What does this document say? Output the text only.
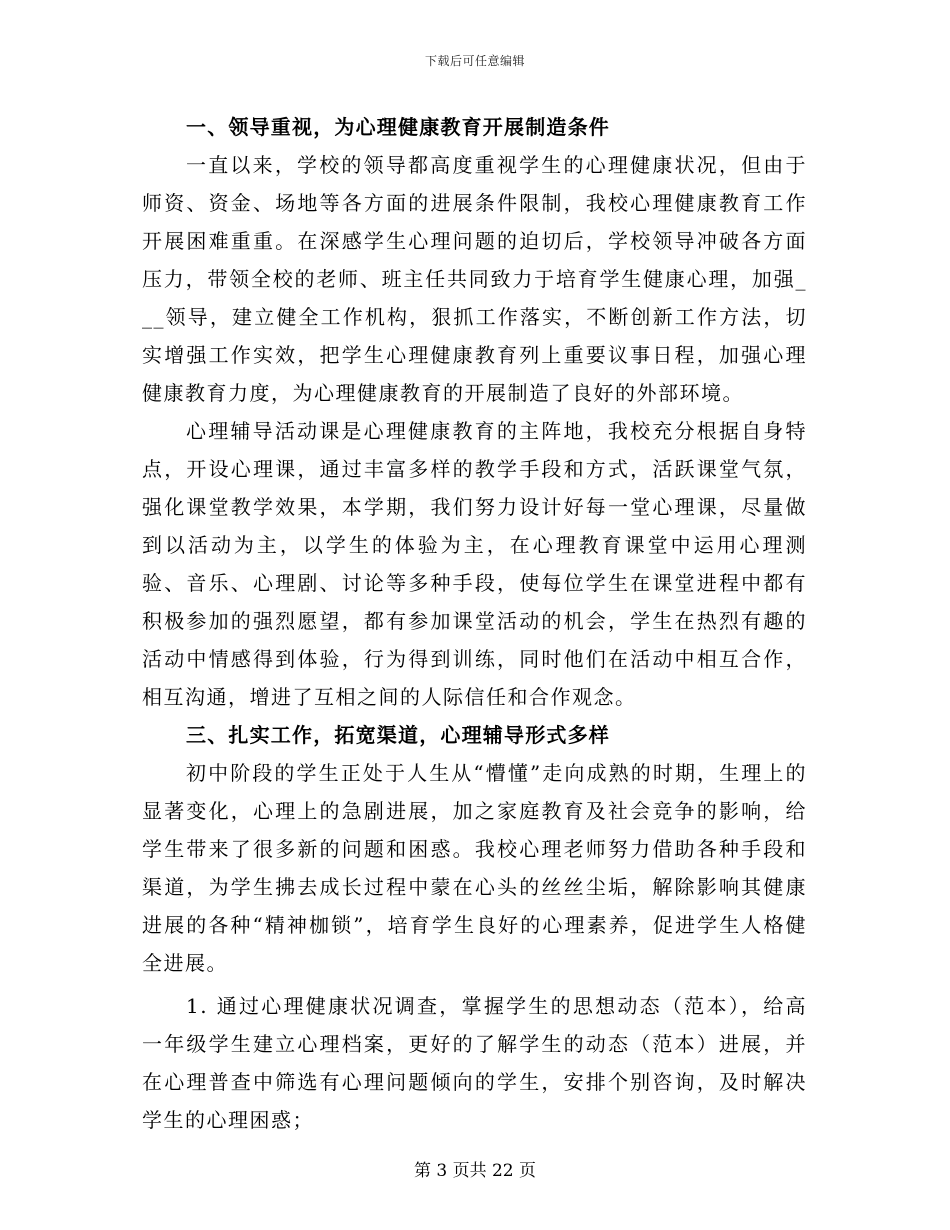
下载后可任意编辑

一、领导重视，为心理健康教育开展制造条件

一直以来，学校的领导都高度重视学生的心理健康状况，但由于师资、资金、场地等各方面的进展条件限制，我校心理健康教育工作开展困难重重。在深感学生心理问题的迫切后，学校领导冲破各方面压力，带领全校的老师、班主任共同致力于培育学生健康心理，加强___领导，建立健全工作机构，狠抓工作落实，不断创新工作方法，切实增强工作实效，把学生心理健康教育列上重要议事日程，加强心理健康教育力度，为心理健康教育的开展制造了良好的外部环境。

心理辅导活动课是心理健康教育的主阵地，我校充分根据自身特点，开设心理课，通过丰富多样的教学手段和方式，活跃课堂气氛，强化课堂教学效果，本学期，我们努力设计好每一堂心理课，尽量做到以活动为主，以学生的体验为主，在心理教育课堂中运用心理测验、音乐、心理剧、讨论等多种手段，使每位学生在课堂进程中都有积极参加的强烈愿望，都有参加课堂活动的机会，学生在热烈有趣的活动中情感得到体验，行为得到训练，同时他们在活动中相互合作，相互沟通，增进了互相之间的人际信任和合作观念。

三、扎实工作，拓宽渠道，心理辅导形式多样

初中阶段的学生正处于人生从“懵懂”走向成熟的时期，生理上的显著变化，心理上的急剧进展，加之家庭教育及社会竞争的影响，给学生带来了很多新的问题和困惑。我校心理老师努力借助各种手段和渠道，为学生拂去成长过程中蒙在心头的丝丝尘垢，解除影响其健康进展的各种“精神枷锁”，培育学生良好的心理素养，促进学生人格健全进展。

1. 通过心理健康状况调查，掌握学生的思想动态（范本），给高一年级学生建立心理档案，更好的了解学生的动态（范本）进展，并在心理普查中筛选有心理问题倾向的学生，安排个别咨询，及时解决学生的心理困惑；

第 3 页共 22 页
